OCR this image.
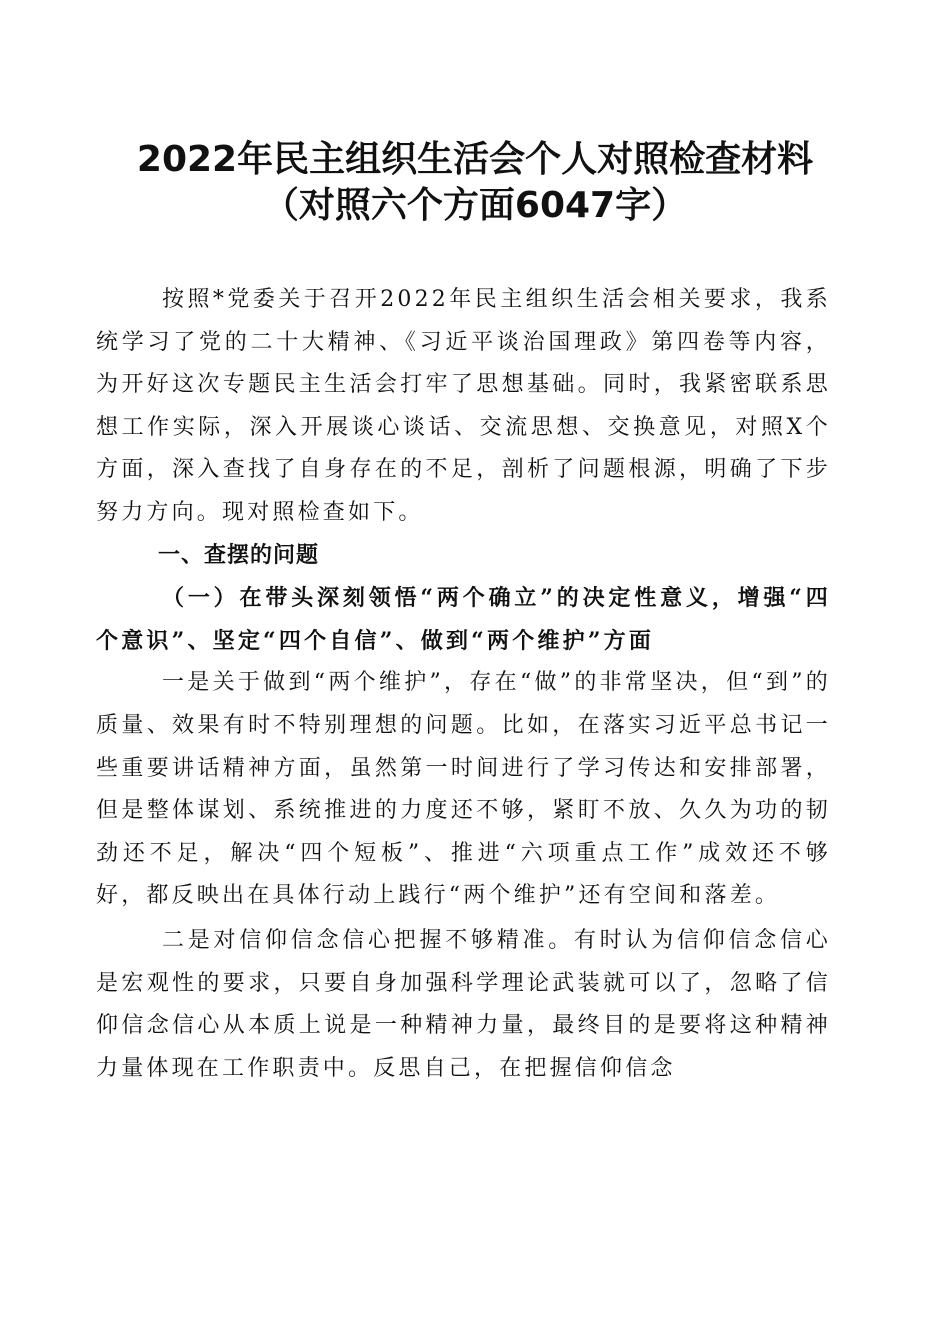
2022年民主组织生活会个人对照检查材料
（对照六个方面6047字）

按照*党委关于召开2022年民主组织生活会相关要求，我系统学习了党的二十大精神、《习近平谈治国理政》第四卷等内容，为开好这次专题民主生活会打牢了思想基础。同时，我紧密联系思想工作实际，深入开展谈心谈话、交流思想、交换意见，对照X个方面，深入查找了自身存在的不足，剖析了问题根源，明确了下步努力方向。现对照检查如下。

一、查摆的问题

（一）在带头深刻领悟“两个确立”的决定性意义，增强“四个意识”、坚定“四个自信”、做到“两个维护”方面

一是关于做到“两个维护”，存在“做”的非常坚决，但“到”的质量、效果有时不特别理想的问题。比如，在落实习近平总书记一些重要讲话精神方面，虽然第一时间进行了学习传达和安排部署，但是整体谋划、系统推进的力度还不够，紧盯不放、久久为功的韧劲还不足，解决“四个短板”、推进“六项重点工作”成效还不够好，都反映出在具体行动上践行“两个维护”还有空间和落差。

二是对信仰信念信心把握不够精准。有时认为信仰信念信心是宏观性的要求，只要自身加强科学理论武装就可以了，忽略了信仰信念信心从本质上说是一种精神力量，最终目的是要将这种精神力量体现在工作职责中。反思自己，在把握信仰信念
